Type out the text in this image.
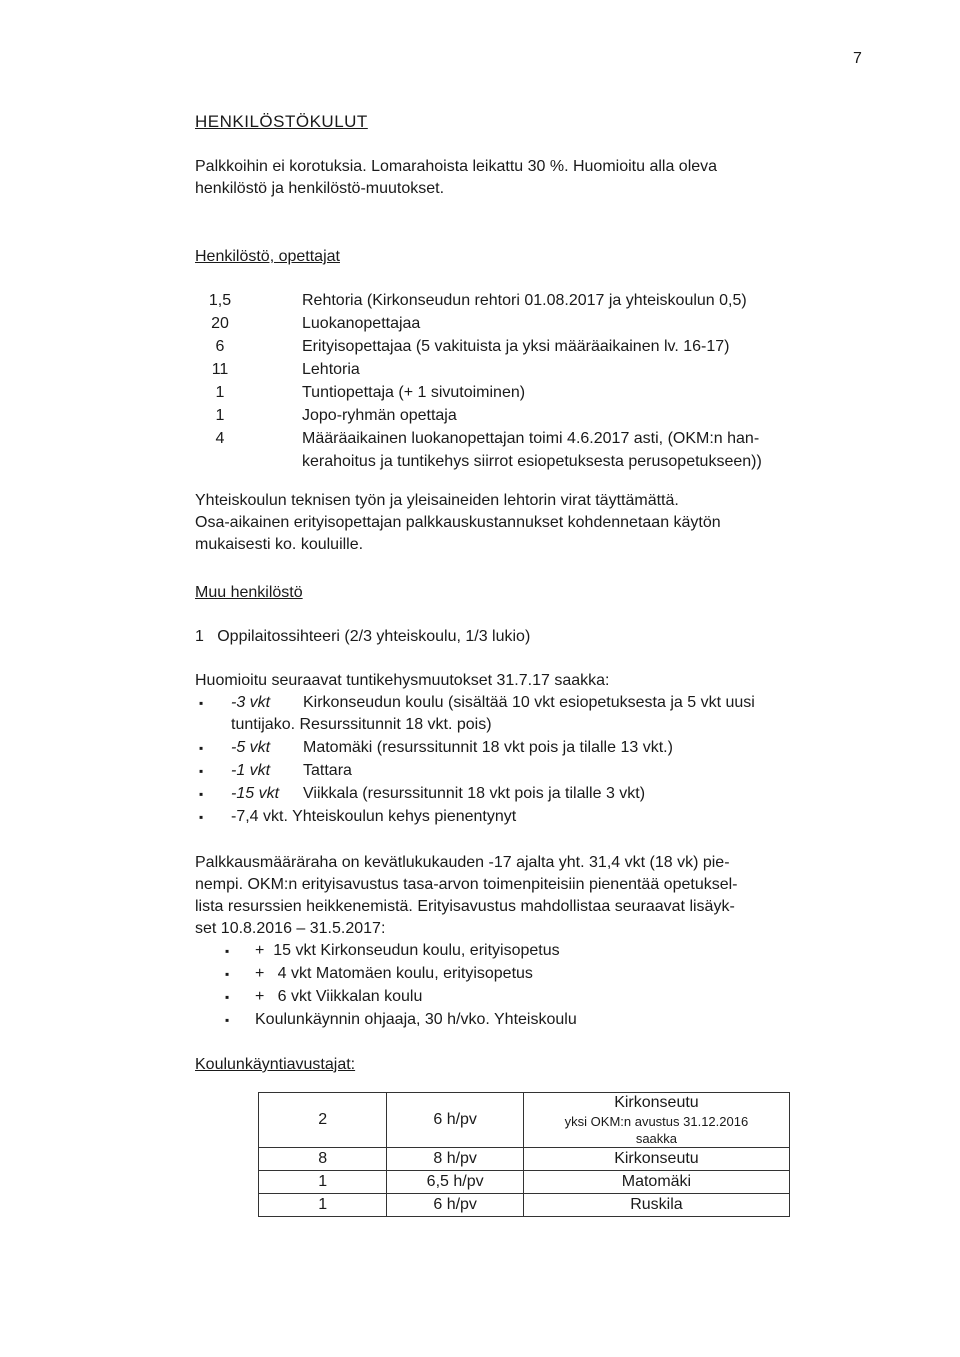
7
HENKILÖSTÖKULUT
Palkkoihin ei korotuksia. Lomarahoista leikattu 30 %. Huomioitu alla oleva
henkilöstö ja henkilöstö-muutokset.
Henkilöstö, opettajat
1,5	Rehtoria (Kirkonseudun rehtori 01.08.2017 ja yhteiskoulun 0,5)
20	Luokanopettajaa
6	Erityisopettajaa (5 vakituista ja yksi määräaikainen lv. 16-17)
11	Lehtoria
1	Tuntiopettaja (+ 1 sivutoiminen)
1	Jopo-ryhmän opettaja
4	Määräaikainen luokanopettajan toimi 4.6.2017 asti, (OKM:n han-
kerahoitus ja tuntikehys siirrot esiopetuksesta perusopetukseen))
Yhteiskoulun teknisen työn ja yleisaineiden lehtorin virat täyttämättä.
Osa-aikainen erityisopettajan palkkauskustannukset kohdennetaan käytön
mukaisesti ko. kouluille.
Muu henkilöstö
1   Oppilaitossihteeri (2/3 yhteiskoulu, 1/3 lukio)
Huomioitu seuraavat tuntikehysmuutokset 31.7.17 saakka:
▪ -3 vkt Kirkonseudun koulu (sisältää 10 vkt esiopetuksesta ja 5 vkt uusi
tuntijako. Resurssitunnit 18 vkt. pois)
▪ -5 vkt Matomäki (resurssitunnit 18 vkt pois ja tilalle 13 vkt.)
▪ -1 vkt Tattara
▪ -15 vkt Viikkala (resurssitunnit 18 vkt pois ja tilalle 3 vkt)
▪ -7,4 vkt. Yhteiskoulun kehys pienentynyt
Palkkausmääräraha on kevätlukukauden -17 ajalta yht. 31,4 vkt (18 vk) pie-
nempi. OKM:n erityisavustus tasa-arvon toimenpiteisiin pienentää opetuksel-
lista resurssien heikkenemistä. Erityisavustus mahdollistaa seuraavat lisäyk-
set 10.8.2016 – 31.5.2017:
▪ +  15 vkt Kirkonseudun koulu, erityisopetus
▪ +   4 vkt Matomäen koulu, erityisopetus
▪ +   6 vkt Viikkalan koulu
▪ Koulunkäynnin ohjaaja, 30 h/vko. Yhteiskoulu
Koulunkäyntiavustajat:
2	6 h/pv	Kirkonseutu
yksi OKM:n avustus 31.12.2016
saakka

8	8 h/pv	Kirkonseutu
1	6,5 h/pv	Matomäki
1	6 h/pv	Ruskila
